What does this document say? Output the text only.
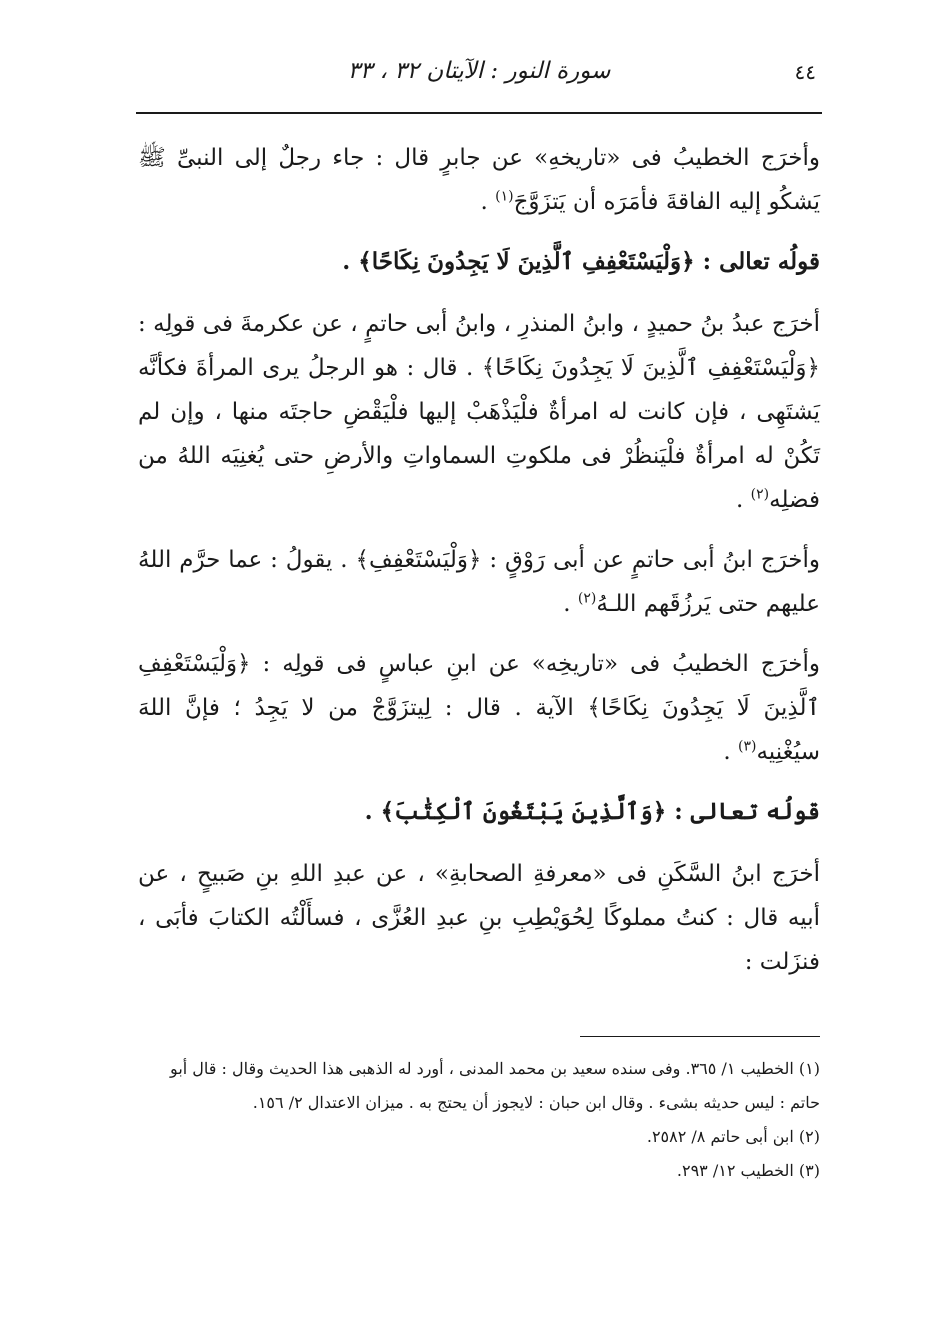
٤٤
سورة النور : الآيتان ٣٢ ، ٣٣

وأخرَج الخطيبُ فى «تاريخهِ» عن جابرٍ قال : جاء رجلٌ إلى النبىِّ ﷺ يَشكُو إليه الفاقةَ فأمَرَه أن يَتزَوَّجَ$^{(١)}$ .

قولُه تعالى : ﴿وَلْيَسْتَعْفِفِ ٱلَّذِينَ لَا يَجِدُونَ نِكَاحًا﴾ .

أخرَج عبدُ بنُ حميدٍ ، وابنُ المنذرِ ، وابنُ أبى حاتمٍ ، عن عكرمةَ فى قولِه : ﴿وَلْيَسْتَعْفِفِ ٱلَّذِينَ لَا يَجِدُونَ نِكَاحًا﴾ . قال : هو الرجلُ يرى المرأةَ فكأنَّه يَشتَهِى ، فإن كانت له امرأةٌ فلْيَذْهَبْ إليها فلْيَقْضِ حاجتَه منها ، وإن لم تَكُنْ له امرأةٌ فلْيَنظُرْ فى ملكوتِ السماواتِ والأرضِ حتى يُغنِيَه اللهُ من فضلِه$^{(٢)}$ .

وأخرَج ابنُ أبى حاتمٍ عن أبى رَوْقٍ : ﴿وَلْيَسْتَعْفِفِ﴾ . يقولُ : عما حرَّم اللهُ عليهم حتى يَرزُقَهم اللـهُ$^{(٢)}$ .

وأخرَج الخطيبُ فى «تاريخِه» عن ابنِ عباسٍ فى قولِه : ﴿وَلْيَسْتَعْفِفِ ٱلَّذِينَ لَا يَجِدُونَ نِكَاحًا﴾ الآية . قال : لِيتزَوَّجْ من لا يَجِدُ ؛ فإنَّ اللهَ سيُغْنِيه$^{(٣)}$ .

قولُه تعالى : ﴿وَٱلَّذِينَ يَبْتَغُونَ ٱلْكِتَٰبَ﴾ .

أخرَج ابنُ السَّكَنِ فى «معرفةِ الصحابةِ» ، عن عبدِ اللهِ بنِ صَبيحٍ ، عن أبيه قال : كنتُ مملوكًا لِحُوَيْطِبِ بنِ عبدِ العُزَّى ، فسأَلْتُه الكتابَ فأبَى ، فنزَلت :

(١) الخطيب ١/ ٣٦٥. وفى سنده سعيد بن محمد المدنى ، أورد له الذهبى هذا الحديث وقال : قال أبو حاتم : ليس حديثه بشىء . وقال ابن حبان : لايجوز أن يحتج به . ميزان الاعتدال ٢/ ١٥٦.
(٢) ابن أبى حاتم ٨/ ٢٥٨٢.
(٣) الخطيب ١٢/ ٢٩٣.
